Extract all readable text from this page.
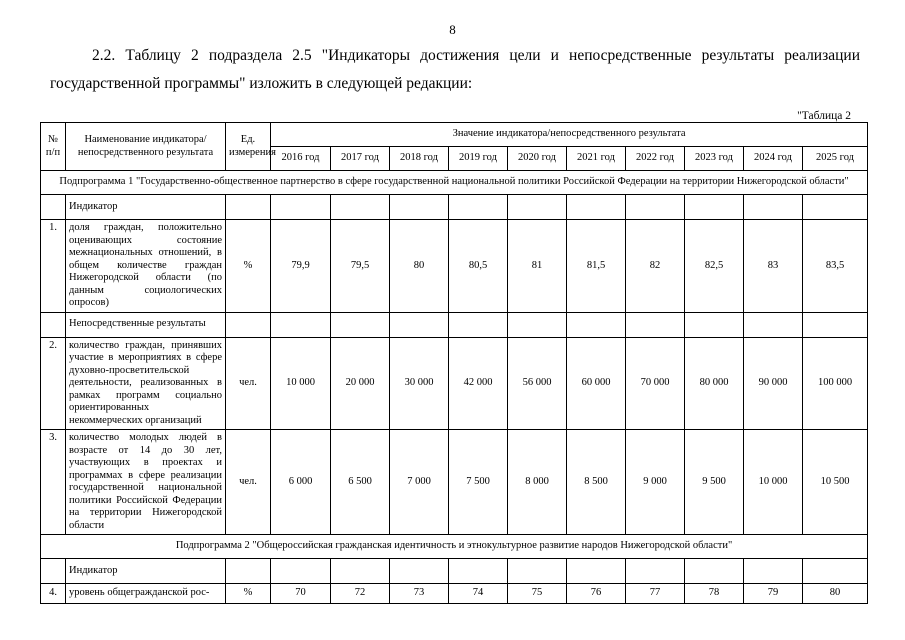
8

2.2. Таблицу 2 подраздела 2.5 "Индикаторы достижения цели и непосредственные результаты реализации государственной программы" изложить в следующей редакции:

"Таблица 2
№ п/п	Наименование индикатора/непосредственного результата	Ед. измерения	Значение индикатора/непосредственного результата									
			2016 год	2017 год	2018 год	2019 год	2020 год	2021 год	2022 год	2023 год	2024 год	2025 год
Подпрограмма 1 "Государственно-общественное партнерство в сфере государственной национальной политики Российской Федерации на территории Нижегородской области"												
	Индикатор											
1.	доля граждан, положительно оценивающих состояние межнациональных отношений, в общем количестве граждан Нижегородской области (по данным социологических опросов)	%	79,9	79,5	80	80,5	81	81,5	82	82,5	83	83,5
	Непосредственные результаты											
2.	количество граждан, принявших участие в мероприятиях в сфере духовно-просветительской деятельности, реализованных в рамках программ социально ориентированных некоммерческих организаций	чел.	10 000	20 000	30 000	42 000	56 000	60 000	70 000	80 000	90 000	100 000
3.	количество молодых людей в возрасте от 14 до 30 лет, участвующих в проектах и программах в сфере реализации государственной национальной политики Российской Федерации на территории Нижегородской области	чел.	6 000	6 500	7 000	7 500	8 000	8 500	9 000	9 500	10 000	10 500
Подпрограмма 2 "Общероссийская гражданская идентичность и этнокультурное развитие народов Нижегородской области"												
	Индикатор											
4.	уровень общегражданской рос-	%	70	72	73	74	75	76	77	78	79	80
